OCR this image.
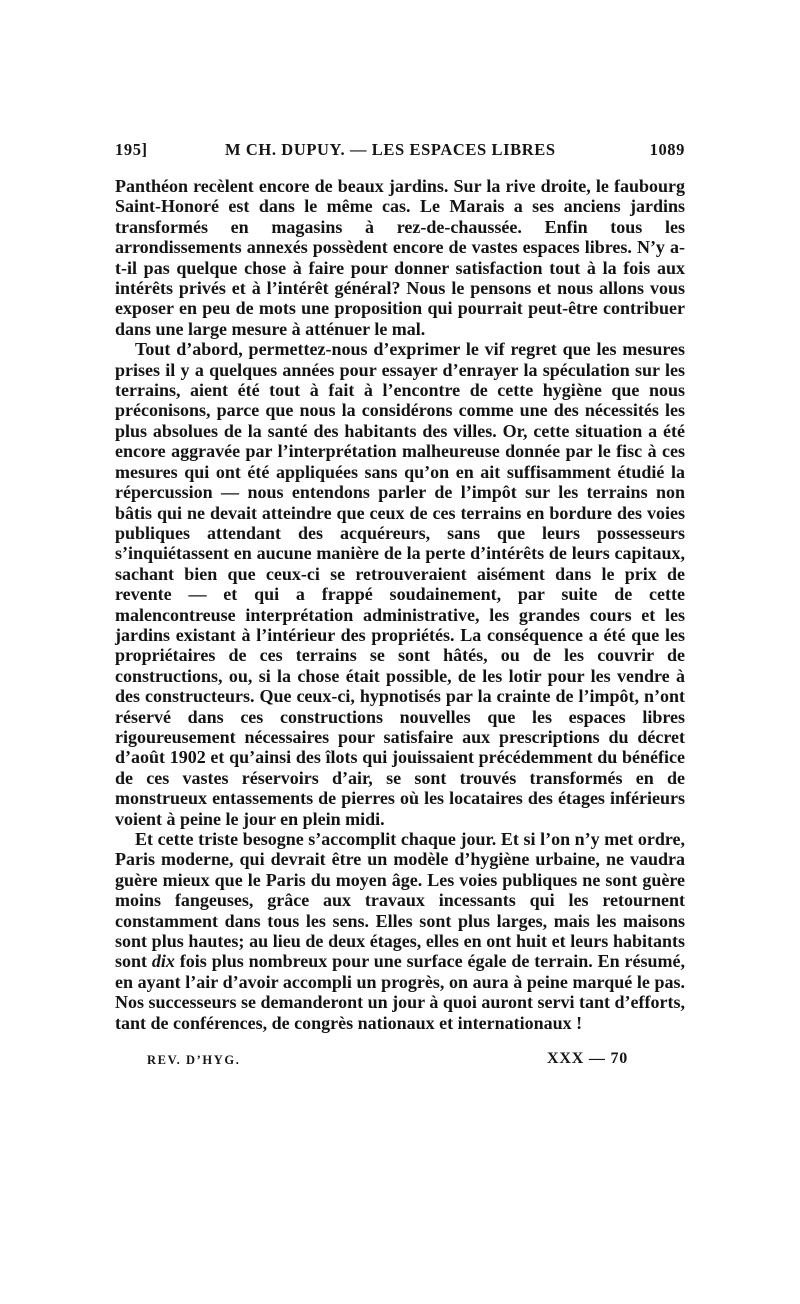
195]	M CH. DUPUY. — LES ESPACES LIBRES	1089

Panthéon recèlent encore de beaux jardins. Sur la rive droite, le faubourg Saint-Honoré est dans le même cas. Le Marais a ses anciens jardins transformés en magasins à rez-de-chaussée. Enfin tous les arrondissements annexés possèdent encore de vastes espaces libres. N’y a-t-il pas quelque chose à faire pour donner satisfaction tout à la fois aux intérêts privés et à l’intérêt général? Nous le pensons et nous allons vous exposer en peu de mots une proposition qui pourrait peut-être contribuer dans une large mesure à atténuer le mal.

Tout d’abord, permettez-nous d’exprimer le vif regret que les mesures prises il y a quelques années pour essayer d’enrayer la spéculation sur les terrains, aient été tout à fait à l’encontre de cette hygiène que nous préconisons, parce que nous la considérons comme une des nécessités les plus absolues de la santé des habitants des villes. Or, cette situation a été encore aggravée par l’interprétation malheureuse donnée par le fisc à ces mesures qui ont été appliquées sans qu’on en ait suffisamment étudié la répercussion — nous entendons parler de l’impôt sur les terrains non bâtis qui ne devait atteindre que ceux de ces terrains en bordure des voies publiques attendant des acquéreurs, sans que leurs possesseurs s’inquiétassent en aucune manière de la perte d’intérêts de leurs capitaux, sachant bien que ceux-ci se retrouveraient aisément dans le prix de revente — et qui a frappé soudainement, par suite de cette malencontreuse interprétation administrative, les grandes cours et les jardins existant à l’intérieur des propriétés. La conséquence a été que les propriétaires de ces terrains se sont hâtés, ou de les couvrir de constructions, ou, si la chose était possible, de les lotir pour les vendre à des constructeurs. Que ceux-ci, hypnotisés par la crainte de l’impôt, n’ont réservé dans ces constructions nouvelles que les espaces libres rigoureusement nécessaires pour satisfaire aux prescriptions du décret d’août 1902 et qu’ainsi des îlots qui jouissaient précédemment du bénéfice de ces vastes réservoirs d’air, se sont trouvés transformés en de monstrueux entassements de pierres où les locataires des étages inférieurs voient à peine le jour en plein midi.

Et cette triste besogne s’accomplit chaque jour. Et si l’on n’y met ordre, Paris moderne, qui devrait être un modèle d’hygiène urbaine, ne vaudra guère mieux que le Paris du moyen âge. Les voies publiques ne sont guère moins fangeuses, grâce aux travaux incessants qui les retournent constamment dans tous les sens. Elles sont plus larges, mais les maisons sont plus hautes; au lieu de deux étages, elles en ont huit et leurs habitants sont dix fois plus nombreux pour une surface égale de terrain. En résumé, en ayant l’air d’avoir accompli un progrès, on aura à peine marqué le pas. Nos successeurs se demanderont un jour à quoi auront servi tant d’efforts, tant de conférences, de congrès nationaux et internationaux !

REV. D’HYG.	XXX — 70
